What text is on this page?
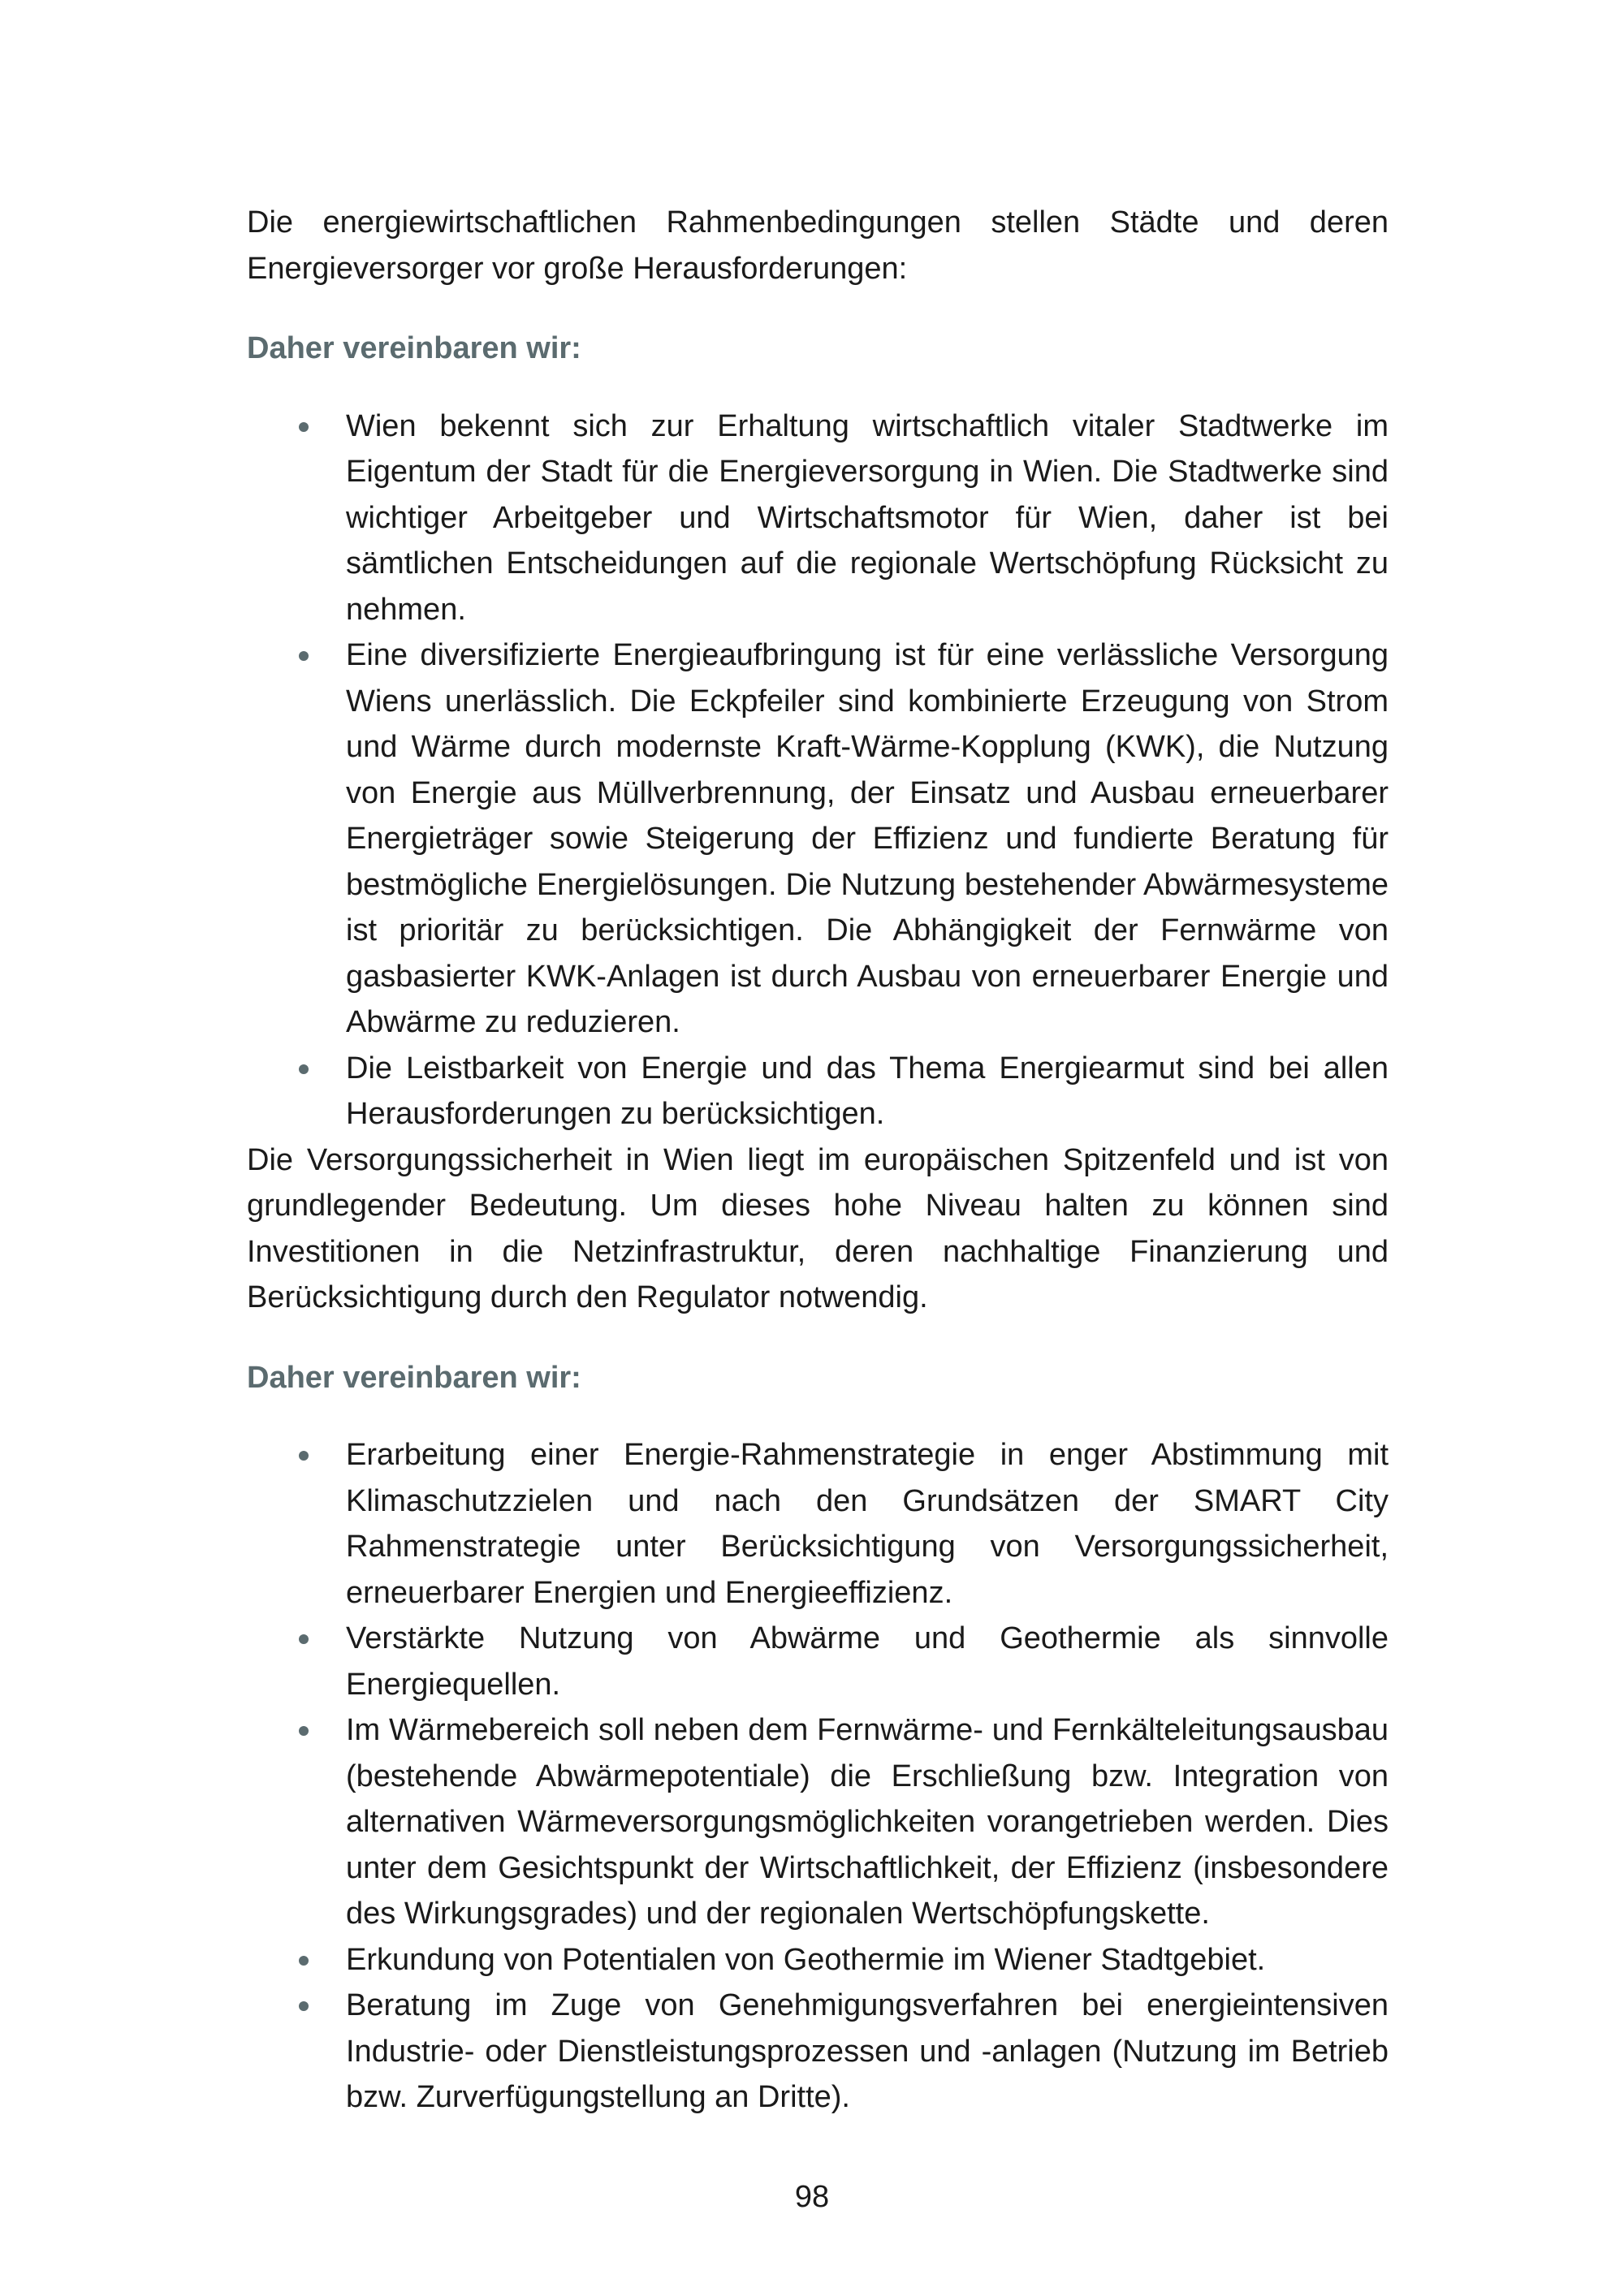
Die energiewirtschaftlichen Rahmenbedingungen stellen Städte und deren Energieversorger vor große Herausforderungen:

Daher vereinbaren wir:

Wien bekennt sich zur Erhaltung wirtschaftlich vitaler Stadtwerke im Eigentum der Stadt für die Energieversorgung in Wien. Die Stadtwerke sind wichtiger Arbeitgeber und Wirtschaftsmotor für Wien, daher ist bei sämtlichen Entscheidungen auf die regionale Wertschöpfung Rücksicht zu nehmen.
Eine diversifizierte Energieaufbringung ist für eine verlässliche Versorgung Wiens unerlässlich. Die Eckpfeiler sind kombinierte Erzeugung von Strom und Wärme durch modernste Kraft-Wärme-Kopplung (KWK), die Nutzung von Energie aus Müllverbrennung, der Einsatz und Ausbau erneuerbarer Energieträger sowie Steigerung der Effizienz und fundierte Beratung für bestmögliche Energielösungen. Die Nutzung bestehender Abwärmesysteme ist prioritär zu berücksichtigen. Die Abhängigkeit der Fernwärme von gasbasierter KWK-Anlagen ist durch Ausbau von erneuerbarer Energie und Abwärme zu reduzieren.
Die Leistbarkeit von Energie und das Thema Energiearmut sind bei allen Herausforderungen zu berücksichtigen.

Die Versorgungssicherheit in Wien liegt im europäischen Spitzenfeld und ist von grundlegender Bedeutung. Um dieses hohe Niveau halten zu können sind Investitionen in die Netzinfrastruktur, deren nachhaltige Finanzierung und Berücksichtigung durch den Regulator notwendig.

Daher vereinbaren wir:

Erarbeitung einer Energie-Rahmenstrategie in enger Abstimmung mit Klimaschutzzielen und nach den Grundsätzen der SMART City Rahmenstrategie unter Berücksichtigung von Versorgungssicherheit, erneuerbarer Energien und Energieeffizienz.
Verstärkte Nutzung von Abwärme und Geothermie als sinnvolle Energiequellen.
Im Wärmebereich soll neben dem Fernwärme- und Fernkälteleitungsausbau (bestehende Abwärmepotentiale) die Erschließung bzw. Integration von alternativen Wärmeversorgungsmöglichkeiten vorangetrieben werden. Dies unter dem Gesichtspunkt der Wirtschaftlichkeit, der Effizienz (insbesondere des Wirkungsgrades) und der regionalen Wertschöpfungskette.
Erkundung von Potentialen von Geothermie im Wiener Stadtgebiet.
Beratung im Zuge von Genehmigungsverfahren bei energieintensiven Industrie- oder Dienstleistungsprozessen und -anlagen (Nutzung im Betrieb bzw. Zurverfügungstellung an Dritte).
98
